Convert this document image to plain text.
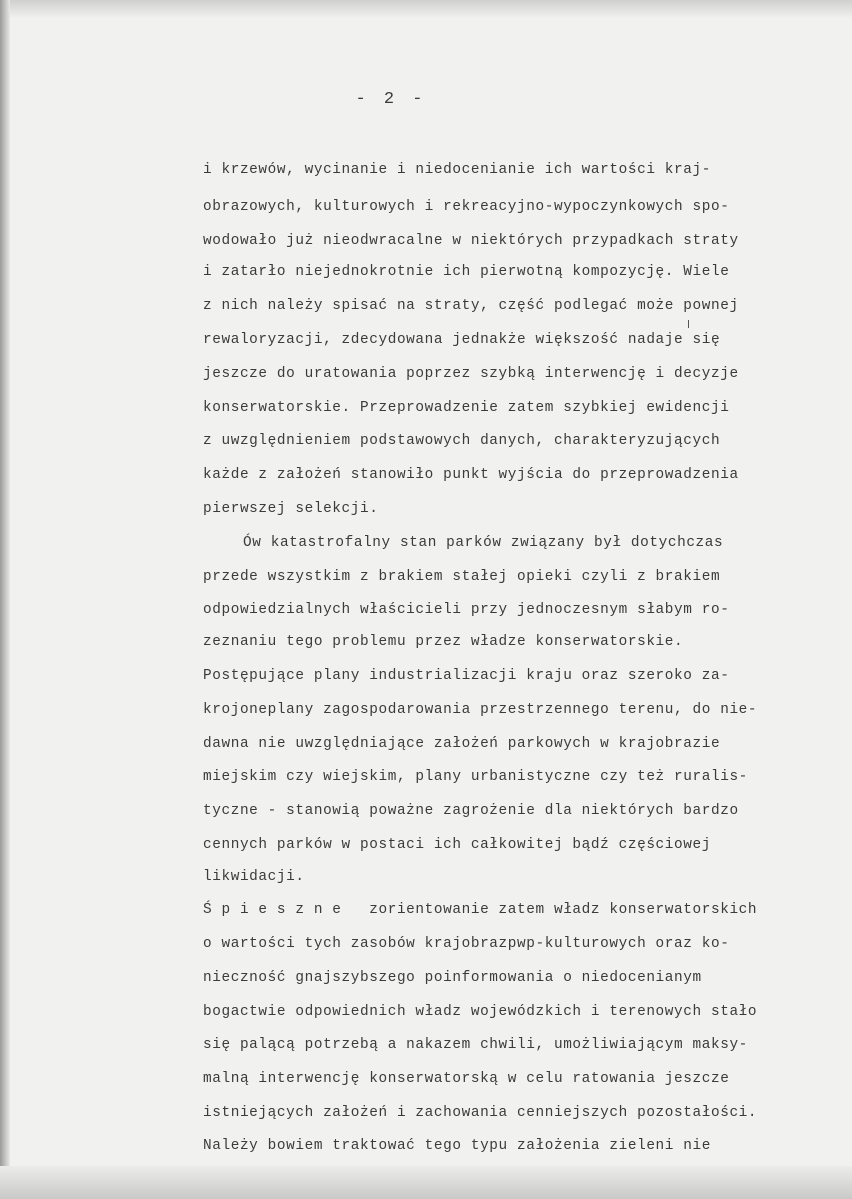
- 2 -
i krzewów, wycinanie i niedocenianie ich wartości kraj-
obrazowych, kulturowych i rekreacyjno-wypoczynkowych spo-
wodowało już nieodwracalne w niektórych przypadkach straty
i zatarło niejednokrotnie ich pierwotną kompozycję. Wiele
z nich należy spisać na straty, część podlegać może pownej
rewaloryzacji, zdecydowana jednakże większość nadaje się
jeszcze do uratowania poprzez szybką interwencję i decyzje
konserwatorskie. Przeprowadzenie zatem szybkiej ewidencji
z uwzględnieniem podstawowych danych, charakteryzujących
każde z założeń stanowiło punkt wyjścia do przeprowadzenia
pierwszej selekcji.
Ów katastrofalny stan parków związany był dotychczas
przede wszystkim z brakiem stałej opieki czyli z brakiem
odpowiedzialnych właścicieli przy jednoczesnym słabym ro-
zeznaniu tego problemu przez władze konserwatorskie.
Postępujące plany industrializacji kraju oraz szeroko za-
krojoneplany zagospodarowania przestrzennego terenu, do nie-
dawna nie uwzględniające założeń parkowych w krajobrazie
miejskim czy wiejskim, plany urbanistyczne czy też ruralis-
tyczne - stanowią poważne zagrożenie dla niektórych bardzo
cennych parków w postaci ich całkowitej bądź częściowej
likwidacji.
Ś p i e s z n e   zorientowanie zatem władz konserwatorskich
o wartości tych zasobów krajobrazpwp-kulturowych oraz ko-
nieczność gnajszybszego poinformowania o niedocenianym
bogactwie odpowiednich władz wojewódzkich i terenowych stało
się palącą potrzebą a nakazem chwili, umożliwiającym maksy-
malną interwencję konserwatorską w celu ratowania jeszcze
istniejących założeń i zachowania cenniejszych pozostałości.
Należy bowiem traktować tego typu założenia zieleni nie
